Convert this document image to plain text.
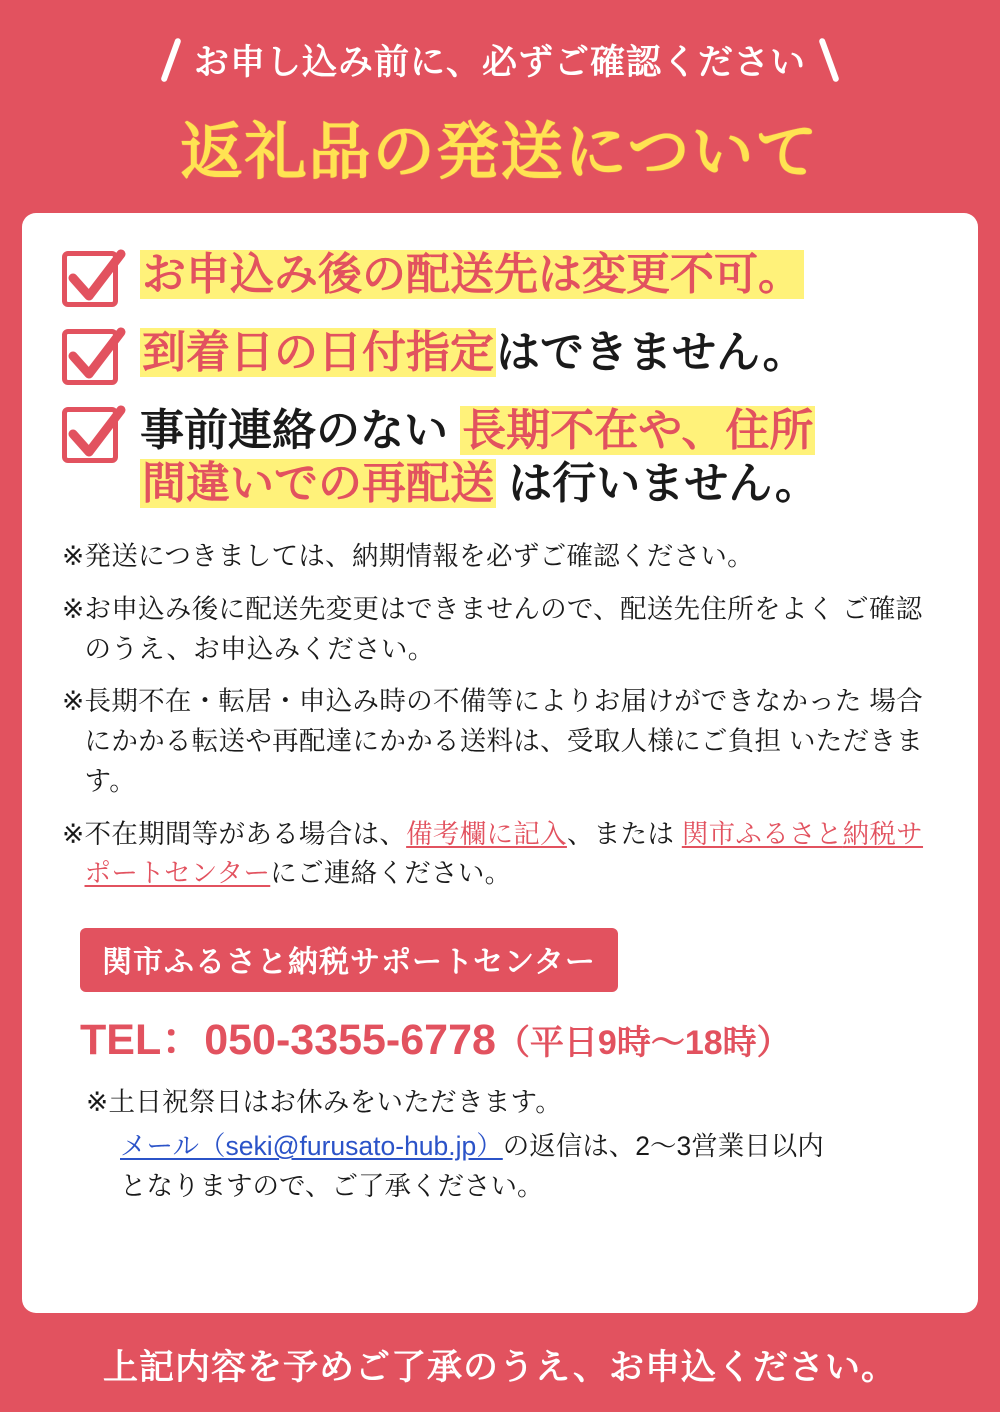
お申し込み前に、必ずご確認ください
返礼品の発送について
お申込み後の配送先は変更不可。
到着日の日付指定はできません。
事前連絡のない 長期不在や、住所
間違いでの再配送 は行いません。
※ 発送につきましては、納期情報を必ずご確認ください。
※ お申込み後に配送先変更はできませんので、配送先住所をよく ご確認のうえ、お申込みください。
※ 長期不在・転居・申込み時の不備等によりお届けができなかった 場合にかかる転送や再配達にかかる送料は、受取人様にご負担 いただきます。
※ 不在期間等がある場合は、備考欄に記入、または 関市ふるさと納税サポートセンターにご連絡ください。
関市ふるさと納税サポートセンター
TEL：050-3355-6778（平日9時〜18時）
※ 土日祝祭日はお休みをいただきます。
メール（seki@furusato-hub.jp）の返信は、2〜3営業日以内
となりますので、ご了承ください。
上記内容を予めご了承のうえ、お申込ください。
